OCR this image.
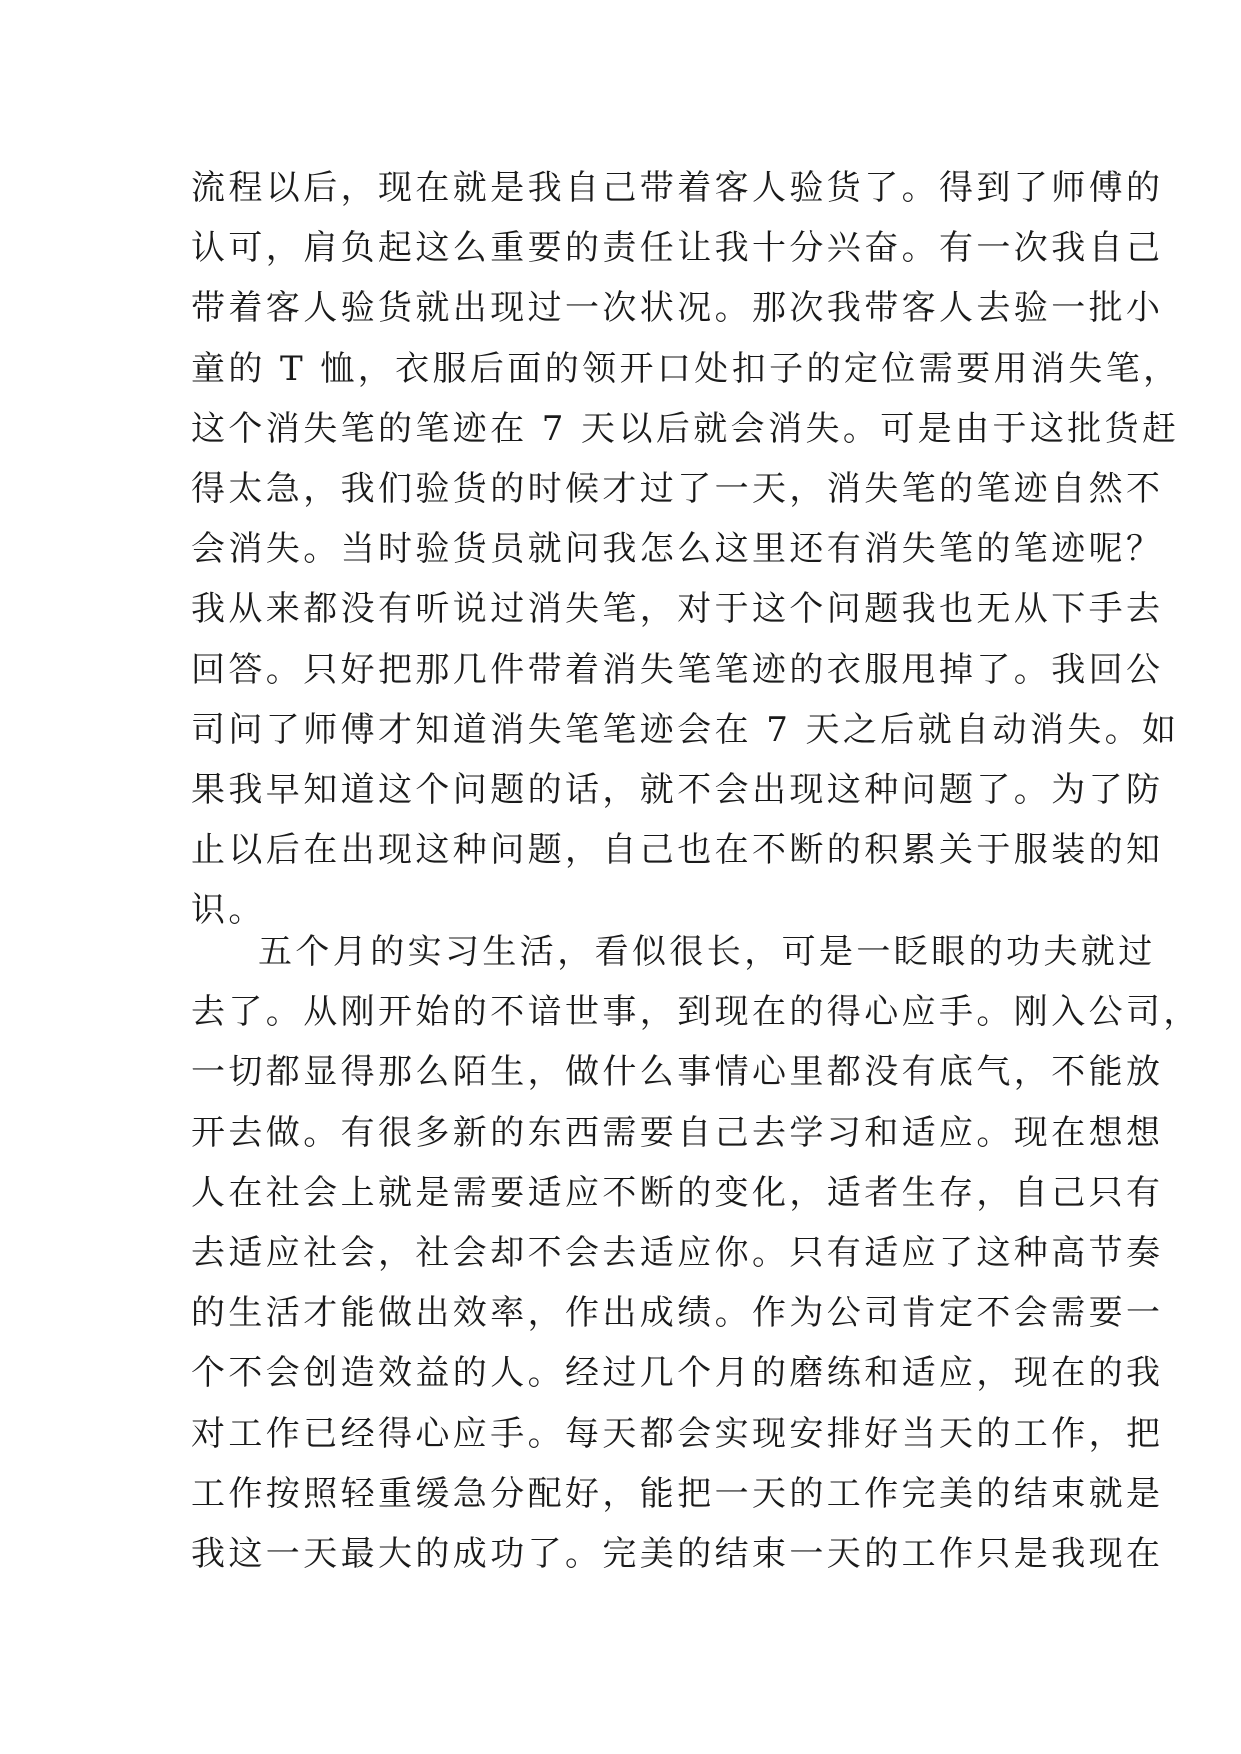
流程以后，现在就是我自己带着客人验货了。得到了师傅的
认可，肩负起这么重要的责任让我十分兴奋。有一次我自己
带着客人验货就出现过一次状况。那次我带客人去验一批小
童的 T 恤，衣服后面的领开口处扣子的定位需要用消失笔，
这个消失笔的笔迹在 7 天以后就会消失。可是由于这批货赶
得太急，我们验货的时候才过了一天，消失笔的笔迹自然不
会消失。当时验货员就问我怎么这里还有消失笔的笔迹呢？
我从来都没有听说过消失笔，对于这个问题我也无从下手去
回答。只好把那几件带着消失笔笔迹的衣服甩掉了。我回公
司问了师傅才知道消失笔笔迹会在 7 天之后就自动消失。如
果我早知道这个问题的话，就不会出现这种问题了。为了防
止以后在出现这种问题，自己也在不断的积累关于服装的知
识。
五个月的实习生活，看似很长，可是一眨眼的功夫就过
去了。从刚开始的不谙世事，到现在的得心应手。刚入公司，
一切都显得那么陌生，做什么事情心里都没有底气，不能放
开去做。有很多新的东西需要自己去学习和适应。现在想想
人在社会上就是需要适应不断的变化，适者生存，自己只有
去适应社会，社会却不会去适应你。只有适应了这种高节奏
的生活才能做出效率，作出成绩。作为公司肯定不会需要一
个不会创造效益的人。经过几个月的磨练和适应，现在的我
对工作已经得心应手。每天都会实现安排好当天的工作，把
工作按照轻重缓急分配好，能把一天的工作完美的结束就是
我这一天最大的成功了。完美的结束一天的工作只是我现在
